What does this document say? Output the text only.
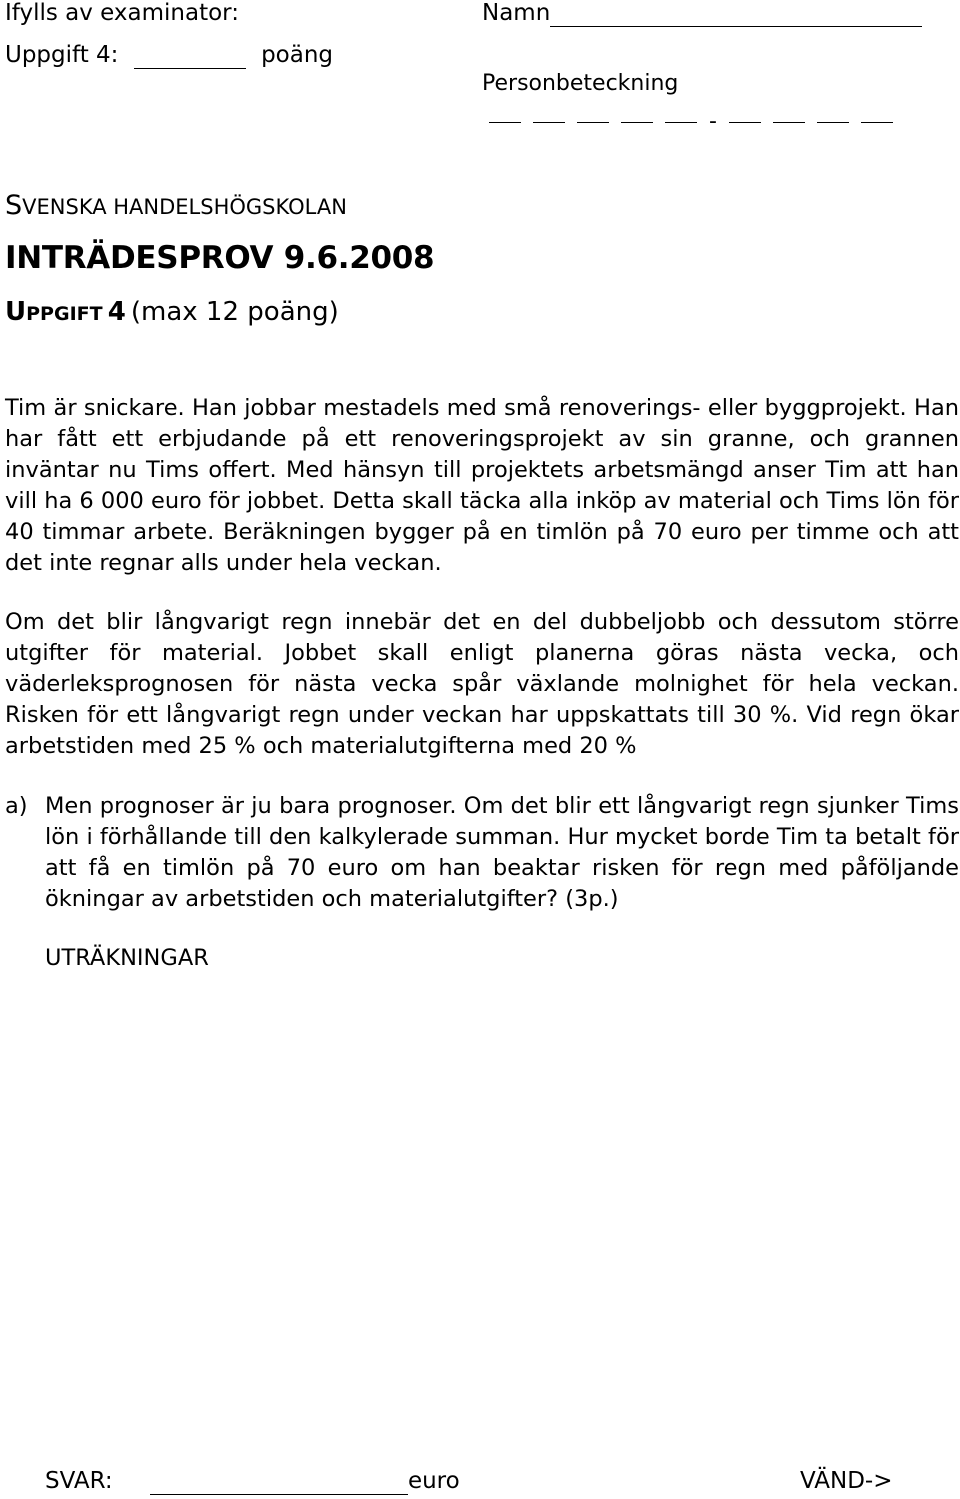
Ifylls av examinator:
Uppgift 4:	poäng
Namn
Personbeteckning
-
SVENSKA HANDELSHÖGSKOLAN
INTRÄDESPROV 9.6.2008
UPPGIFT 4 (max 12 poäng)
Tim är snickare. Han jobbar mestadels med små renoverings- eller byggprojekt. Han har fått ett erbjudande på ett renoveringsprojekt av sin granne, och grannen inväntar nu Tims offert. Med hänsyn till projektets arbetsmängd anser Tim att han vill ha 6 000 euro för jobbet. Detta skall täcka alla inköp av material och Tims lön för 40 timmar arbete. Beräkningen bygger på en timlön på 70 euro per timme och att det inte regnar alls under hela veckan.
Om det blir långvarigt regn innebär det en del dubbeljobb och dessutom större utgifter för material. Jobbet skall enligt planerna göras nästa vecka, och väderleksprognosen för nästa vecka spår växlande molnighet för hela veckan. Risken för ett långvarigt regn under veckan har uppskattats till 30 %. Vid regn ökar arbetstiden med 25 % och materialutgifterna med 20 %
a) Men prognoser är ju bara prognoser. Om det blir ett långvarigt regn sjunker Tims lön i förhållande till den kalkylerade summan. Hur mycket borde Tim ta betalt för att få en timlön på 70 euro om han beaktar risken för regn med påföljande ökningar av arbetstiden och materialutgifter? (3p.)
UTRÄKNINGAR
SVAR:	euro	VÄND->
